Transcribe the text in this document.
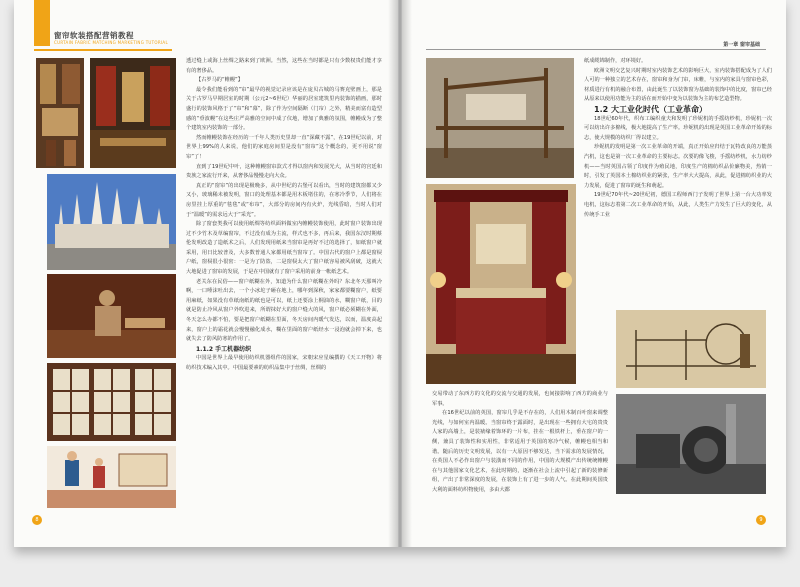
窗帘软装搭配营销教程
CURTAIN FABRIC MATCHING MARKETING TUTORIAL

透过缝上或海上丝绸之路来到了欧洲。当然，这些在当时都是只有少数权贵们能才享有的奢侈品。

【古罗马的“帷幔”】

最令我们能看到的“帘”最早的视觉记录应该是在庞贝古城的马赛克壁画上，那是关于古罗马早期居室的时期（公元2~6世纪）华丽的居室建筑里内装饰的描画，那时盛行的装饰风格于了“帘”和“幕”，除了作为空间隔断（门帘）之外，精美而富有造型感的“垂波幔”在这些庄严高雅的空间中成了仪地，增加了典雅的氛围，帷幔成为了整个建筑室内装饰的一部分。

然而帷幔装饰在经历的一千年人类历史里却一直“深藏不露”，在19世纪以前，对世界上99%的人来说，他们的家庭房间里是没有“窗帘”这个概念的，更不用说“窗帘”了！

直到了19世纪中叶，这种帷幔窗帘款式才得以窗内和发展光大，从当时的宫廷和贵族之家流行开来，从奢侈品慢慢走向大众。

真正的“窗帘”的出现是极晚多，从中世纪的古堡可以看出，当时的建筑窗都又少又小，玻璃稀未被发明，窗口的处理基本都是用木板堵住的，在寒冷季节，人们将在房里挂上厚重的“毯毯”或“布帘”，大部分的房间内有火炉，光线昏暗，当时人们对于“温暖”的需求远大于“采光”。

除了窗套类我可以使用纸绸等纺织面料做室内帷幔装饰使用，此时窗户装饰出现过不少竹木及草编窗帘，不过没有成为主流，样式也不多，再后来，我国东汉时期蔡伦发明改造了造纸术之后，人们发现用纸来当窗帘是再好不过的选择了，如纸窗户就采用，用日比较普及，大多数普通人家都用纸当窗帘了。中国古代的窗户上都是窗棂户纸，窗棂很小很密：一是为了防盗，二是窗棂太大了窗户纸容易被风刮破，这就大大地促进了窗帘的发展，于是在中国就有了窗户采用的前身一帐纸艺术。

老关东在民俗——窗户纸糊在外，知道为什么窗户纸糊在外吗？东北冬天那叫冷啊，一口唾沫吐出去，一个小冰坨子砸在地上，哪年到深秋，家家都要糊窗户，纸要用麻纸，如果没有草纸南纸的纸也是可以，纸上还要涂上桐油的水，糊窗户纸，目的就是防止冷风从窗户外吹进来，所谓抹好大的窗户缝大的风，窗户纸必须糊在外面，冬天怎么办都不怕，要是把窗户纸糊在里面，冬天房间内暖气发达，以而，温度高起来，窗户上的霜花就会慢慢融化成水，糊在里面的窗户纸经水一浸泡就会掉下来，也就失去了防风防寒的作用了。

1.1.2 手工机器纺织

中国是世界上最早使用纺织机器组件的国家，宋朝宋应星编撰的《天工开物》将纺织技术编入其中。中国最要素的纺织品集中于丝绸，丝绸的

8
第一章 窗帘基础

纸成缆锦制作，对环境好。

欧洲文明交艺复兴时期时室内装饰艺术的影响巨大，室内装饰搭配成为了人们人可的一种独立的艺术存在，窗帘和身为门帘，床帷，与室内的家具与窗帘色彩，材质进行有机的融合布置，由此诞生了以装饰窗为基础的装饰中的比度，窗帘已经从原来以使用功能为主的话在而开始中变为以装饰为主的布艺造型物。

1.2 大工业化时代（工业革命）

18世纪60年代，织布工编织童夫和发明了珍妮机的手摇纺纱机，珍妮机一次可以纺出许多棉线，极大地提高了生产率。珍妮机的出现是英国工业革命开始的标志，使大规模的纺织厂得以建立。

珍妮机的发明是第一次工业革命的开端，真正开始应归结于瓦特改良的万能蒸汽机，这也是第一次工业革命的主要标志。次要的像飞梭，手摇纺纱机，水力纺纱机——当时英国占领了印度作为殖民地，印度生产的棉纺织品价廉物美，热销一时，引发了英国本土棉纺织业的紧张，生产率大大提高，从此，促进棉纺织业的大力发展，促进了窗帘的诞生和萌起。

19世纪70年代~20世纪初，德国工程师西门子发明了世界上第一台大功率发电机，这标志着第二次工业革命的开始，从此，人类生产力发生了巨大的变化，从传统手工业

交易带动了东西方的文化的交流与交通的发展，也间接影响了西方的商业与军事。

在16世纪以前的英国，窗帘几乎是不存在的，人们用木制百叶窗来调整光线，与如何室内温暖。当窗帘终于露面时，是出现在一些拥有大宅的贵贵人家的高墙上，是装裱缘着饰环的一片布，挂在一根铁杆上，垂在窗户的一侧，兼具了装饰性和实用性，非常适用于英国的寒冷气候，帷幔也相当和谐。随后的历史文明发展，以有一大原因不够发达，当下需求的发展情况，在英国人不必作出窗户与装潢而不同的作用，中国的大规模产出传统统帷幔在与其他国家文化艺术，在此时期的，逐渐在社会上流中引起了新的装修新组，产出了非常深度的发展，在装饰上有了进一步的人气。在此期间英国贵大利的面料纺织物使用，多由大都

9
